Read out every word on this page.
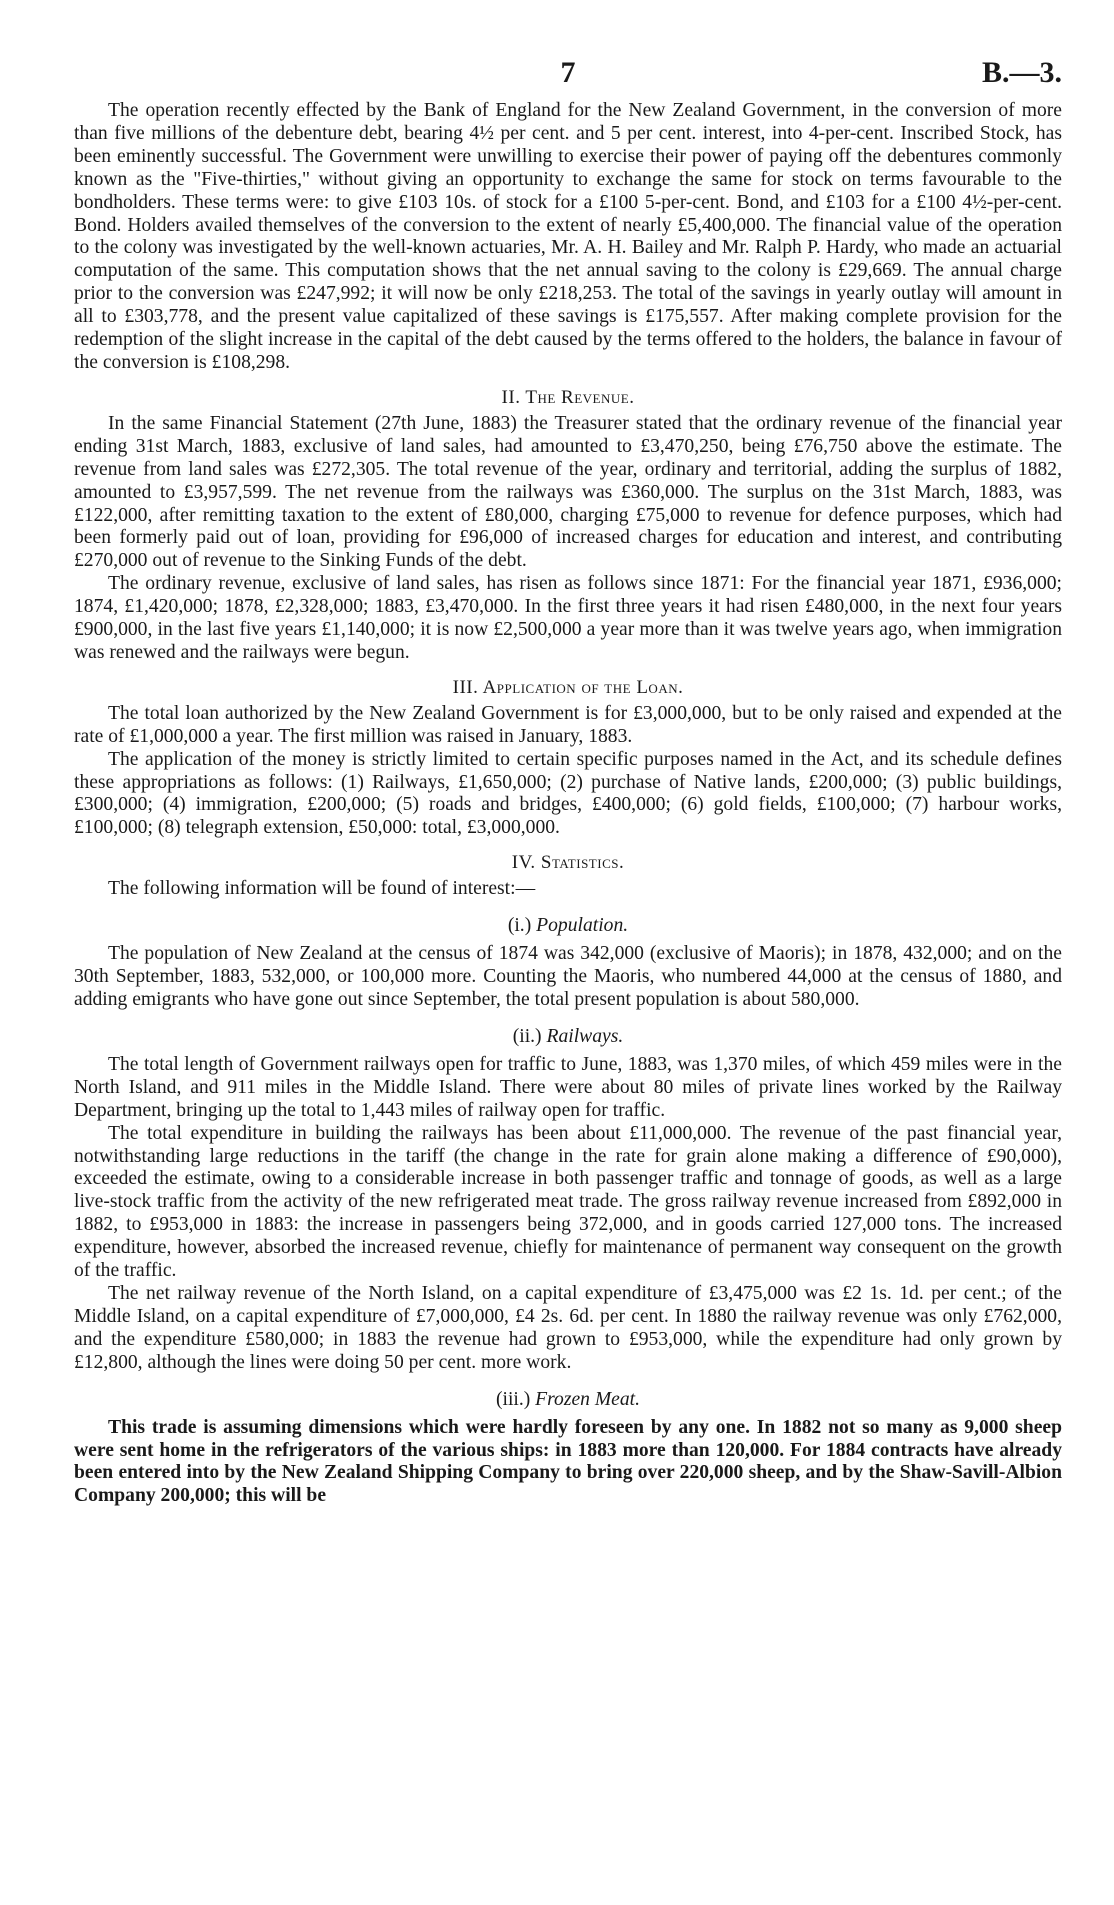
7	B.—3.

The operation recently effected by the Bank of England for the New Zealand Government, in the conversion of more than five millions of the debenture debt, bearing 4½ per cent. and 5 per cent. interest, into 4-per-cent. Inscribed Stock, has been eminently successful. The Government were unwilling to exercise their power of paying off the debentures commonly known as the "Five-thirties," without giving an opportunity to exchange the same for stock on terms favourable to the bondholders. These terms were: to give £103 10s. of stock for a £100 5-per-cent. Bond, and £103 for a £100 4½-per-cent. Bond. Holders availed themselves of the conversion to the extent of nearly £5,400,000. The financial value of the operation to the colony was investigated by the well-known actuaries, Mr. A. H. Bailey and Mr. Ralph P. Hardy, who made an actuarial computation of the same. This computation shows that the net annual saving to the colony is £29,669. The annual charge prior to the conversion was £247,992; it will now be only £218,253. The total of the savings in yearly outlay will amount in all to £303,778, and the present value capitalized of these savings is £175,557. After making complete provision for the redemption of the slight increase in the capital of the debt caused by the terms offered to the holders, the balance in favour of the conversion is £108,298.

II. The Revenue.

In the same Financial Statement (27th June, 1883) the Treasurer stated that the ordinary revenue of the financial year ending 31st March, 1883, exclusive of land sales, had amounted to £3,470,250, being £76,750 above the estimate. The revenue from land sales was £272,305. The total revenue of the year, ordinary and territorial, adding the surplus of 1882, amounted to £3,957,599. The net revenue from the railways was £360,000. The surplus on the 31st March, 1883, was £122,000, after remitting taxation to the extent of £80,000, charging £75,000 to revenue for defence purposes, which had been formerly paid out of loan, providing for £96,000 of increased charges for education and interest, and contributing £270,000 out of revenue to the Sinking Funds of the debt.

The ordinary revenue, exclusive of land sales, has risen as follows since 1871: For the financial year 1871, £936,000; 1874, £1,420,000; 1878, £2,328,000; 1883, £3,470,000. In the first three years it had risen £480,000, in the next four years £900,000, in the last five years £1,140,000; it is now £2,500,000 a year more than it was twelve years ago, when immigration was renewed and the railways were begun.

III. Application of the Loan.

The total loan authorized by the New Zealand Government is for £3,000,000, but to be only raised and expended at the rate of £1,000,000 a year. The first million was raised in January, 1883.

The application of the money is strictly limited to certain specific purposes named in the Act, and its schedule defines these appropriations as follows: (1) Railways, £1,650,000; (2) purchase of Native lands, £200,000; (3) public buildings, £300,000; (4) immigration, £200,000; (5) roads and bridges, £400,000; (6) gold fields, £100,000; (7) harbour works, £100,000; (8) telegraph extension, £50,000: total, £3,000,000.

IV. Statistics.

The following information will be found of interest:—

(i.) Population.

The population of New Zealand at the census of 1874 was 342,000 (exclusive of Maoris); in 1878, 432,000; and on the 30th September, 1883, 532,000, or 100,000 more. Counting the Maoris, who numbered 44,000 at the census of 1880, and adding emigrants who have gone out since September, the total present population is about 580,000.

(ii.) Railways.

The total length of Government railways open for traffic to June, 1883, was 1,370 miles, of which 459 miles were in the North Island, and 911 miles in the Middle Island. There were about 80 miles of private lines worked by the Railway Department, bringing up the total to 1,443 miles of railway open for traffic.

The total expenditure in building the railways has been about £11,000,000. The revenue of the past financial year, notwithstanding large reductions in the tariff (the change in the rate for grain alone making a difference of £90,000), exceeded the estimate, owing to a considerable increase in both passenger traffic and tonnage of goods, as well as a large live-stock traffic from the activity of the new refrigerated meat trade. The gross railway revenue increased from £892,000 in 1882, to £953,000 in 1883: the increase in passengers being 372,000, and in goods carried 127,000 tons. The increased expenditure, however, absorbed the increased revenue, chiefly for maintenance of permanent way consequent on the growth of the traffic.

The net railway revenue of the North Island, on a capital expenditure of £3,475,000 was £2 1s. 1d. per cent.; of the Middle Island, on a capital expenditure of £7,000,000, £4 2s. 6d. per cent. In 1880 the railway revenue was only £762,000, and the expenditure £580,000; in 1883 the revenue had grown to £953,000, while the expenditure had only grown by £12,800, although the lines were doing 50 per cent. more work.

(iii.) Frozen Meat.

This trade is assuming dimensions which were hardly foreseen by any one. In 1882 not so many as 9,000 sheep were sent home in the refrigerators of the various ships: in 1883 more than 120,000. For 1884 contracts have already been entered into by the New Zealand Shipping Company to bring over 220,000 sheep, and by the Shaw-Savill-Albion Company 200,000; this will be
